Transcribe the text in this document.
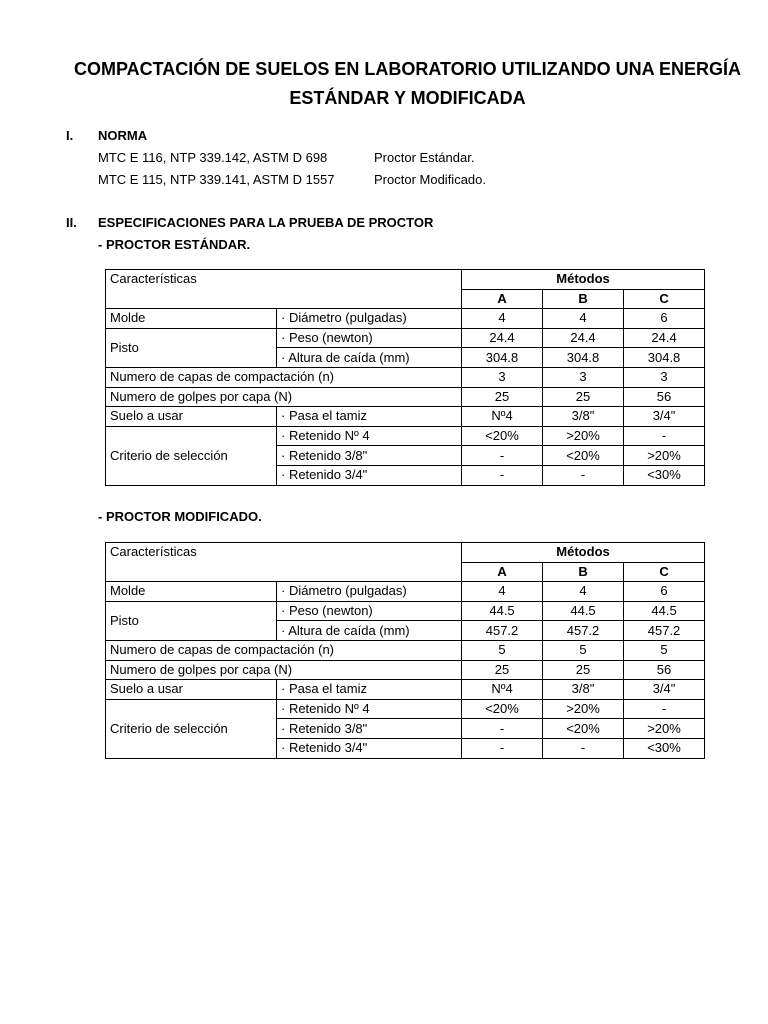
COMPACTACIÓN DE SUELOS EN LABORATORIO UTILIZANDO UNA ENERGÍA
ESTÁNDAR Y MODIFICADA
I. NORMA
MTC E 116, NTP 339.142, ASTM D 698	Proctor Estándar.
MTC E 115, NTP 339.141, ASTM D 1557	Proctor Modificado.
II. ESPECIFICACIONES PARA LA PRUEBA DE PROCTOR
- PROCTOR ESTÁNDAR.
Características		Métodos		
		A	B	C
Molde	· Diámetro (pulgadas)	4	4	6
Pisto	· Peso (newton)	24.4	24.4	24.4
	· Altura de caída (mm)	304.8	304.8	304.8
Numero de capas de compactación (n)		3	3	3
Numero de golpes por capa (N)		25	25	56
Suelo a usar	· Pasa el tamiz	Nº4	3/8"	3/4"
Criterio de selección	· Retenido Nº 4	<20%	>20%	-
	· Retenido 3/8"	-	<20%	>20%
	· Retenido 3/4"	-	-	<30%
- PROCTOR MODIFICADO.
Características		Métodos		
		A	B	C
Molde	· Diámetro (pulgadas)	4	4	6
Pisto	· Peso (newton)	44.5	44.5	44.5
	· Altura de caída (mm)	457.2	457.2	457.2
Numero de capas de compactación (n)		5	5	5
Numero de golpes por capa (N)		25	25	56
Suelo a usar	· Pasa el tamiz	Nº4	3/8"	3/4"
Criterio de selección	· Retenido Nº 4	<20%	>20%	-
	· Retenido 3/8"	-	<20%	>20%
	· Retenido 3/4"	-	-	<30%
